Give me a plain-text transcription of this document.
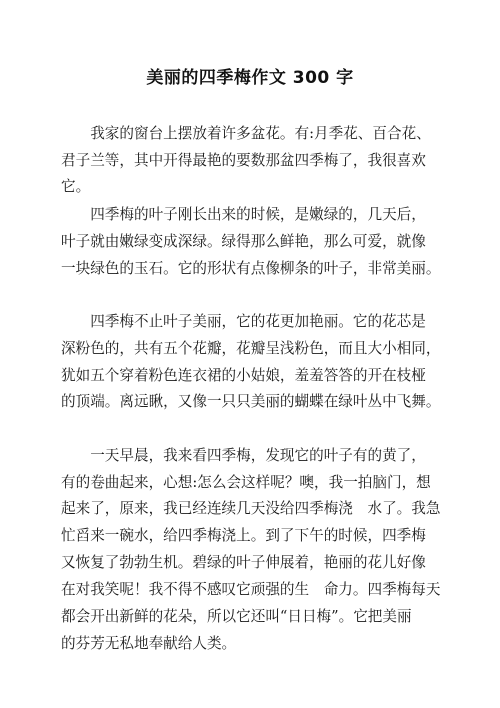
美丽的四季梅作文 300 字
　　我家的窗台上摆放着许多盆花。有:月季花、百合花、
君子兰等，其中开得最艳的要数那盆四季梅了，我很喜欢
它。
　　四季梅的叶子刚长出来的时候，是嫩绿的，几天后，
叶子就由嫩绿变成深绿。绿得那么鲜艳，那么可爱，就像
一块绿色的玉石。它的形状有点像柳条的叶子，非常美丽。
　　四季梅不止叶子美丽，它的花更加艳丽。它的花芯是
深粉色的，共有五个花瓣，花瓣呈浅粉色，而且大小相同，
犹如五个穿着粉色连衣裙的小姑娘，羞羞答答的开在枝桠
的顶端。离远瞅，又像一只只美丽的蝴蝶在绿叶丛中飞舞。
　　一天早晨，我来看四季梅，发现它的叶子有的黄了，
有的卷曲起来，心想:怎么会这样呢？噢，我一拍脑门，想
起来了，原来，我已经连续几天没给四季梅浇　水了。我急
忙舀来一碗水，给四季梅浇上。到了下午的时候，四季梅
又恢复了勃勃生机。碧绿的叶子伸展着，艳丽的花儿好像
在对我笑呢！我不得不感叹它顽强的生　命力。四季梅每天
都会开出新鲜的花朵，所以它还叫“日日梅”。它把美丽
的芬芳无私地奉献给人类。
